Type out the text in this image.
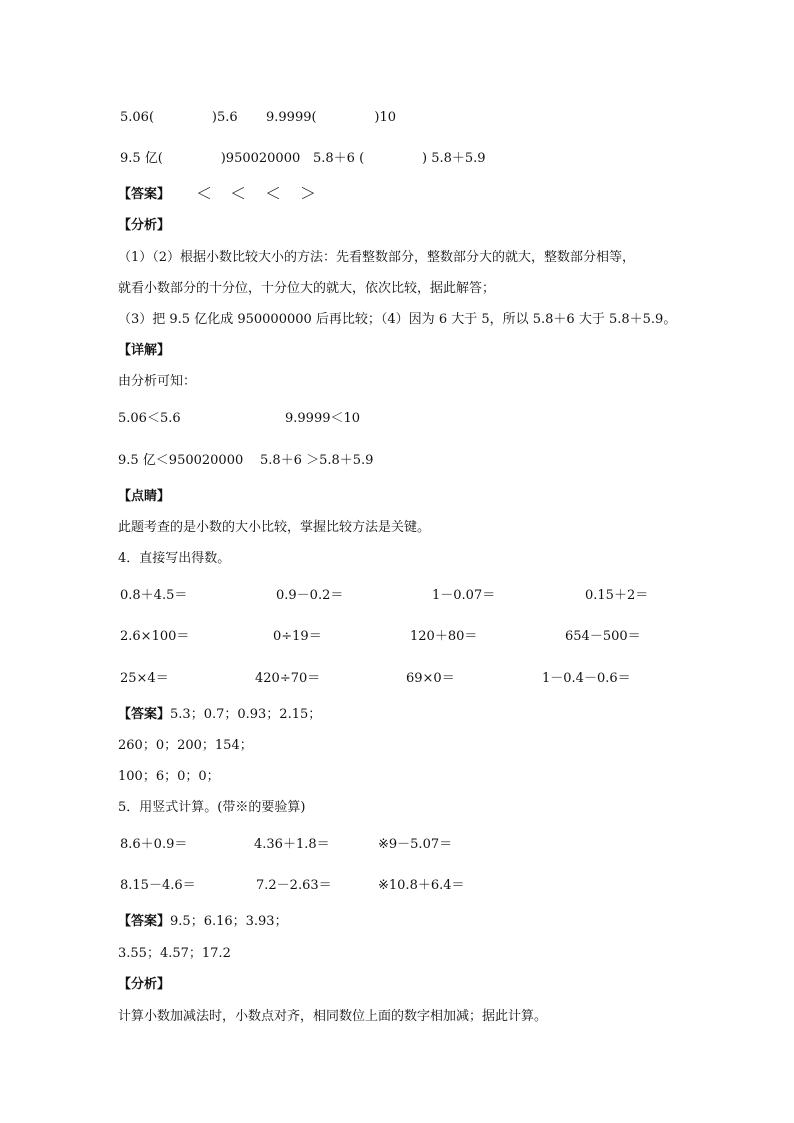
5.06(              )5.6 9.9999(              )10
9.5 亿(              )950020000 5.8＋6 (              ) 5.8＋5.9
【答案】 ＜ ＜ ＜ ＞
【分析】
（1）（2）根据小数比较大小的方法：先看整数部分，整数部分大的就大，整数部分相等，
就看小数部分的十分位，十分位大的就大，依次比较，据此解答；
（3）把 9.5 亿化成 950000000 后再比较；（4）因为 6 大于 5，所以 5.8＋6 大于 5.8＋5.9。
【详解】
由分析可知：
5.06＜5.6	9.9999＜10
9.5 亿＜950020000 5.8＋6 ＞5.8＋5.9
【点睛】
此题考查的是小数的大小比较，掌握比较方法是关键。
4．直接写出得数。
0.8＋4.5＝	0.9－0.2＝	1－0.07＝	0.15＋2＝
2.6×100＝	0÷19＝	120＋80＝	654－500＝
25×4＝	420÷70＝	69×0＝	1－0.4－0.6＝
【答案】5.3；0.7；0.93；2.15；
260；0；200；154；
100；6；0；0；
5．用竖式计算。(带※的要验算)
8.6＋0.9＝	4.36＋1.8＝	※9－5.07＝
8.15－4.6＝	7.2－2.63＝	※10.8＋6.4＝
【答案】9.5；6.16；3.93；
3.55；4.57；17.2
【分析】
计算小数加减法时，小数点对齐，相同数位上面的数字相加减；据此计算。
